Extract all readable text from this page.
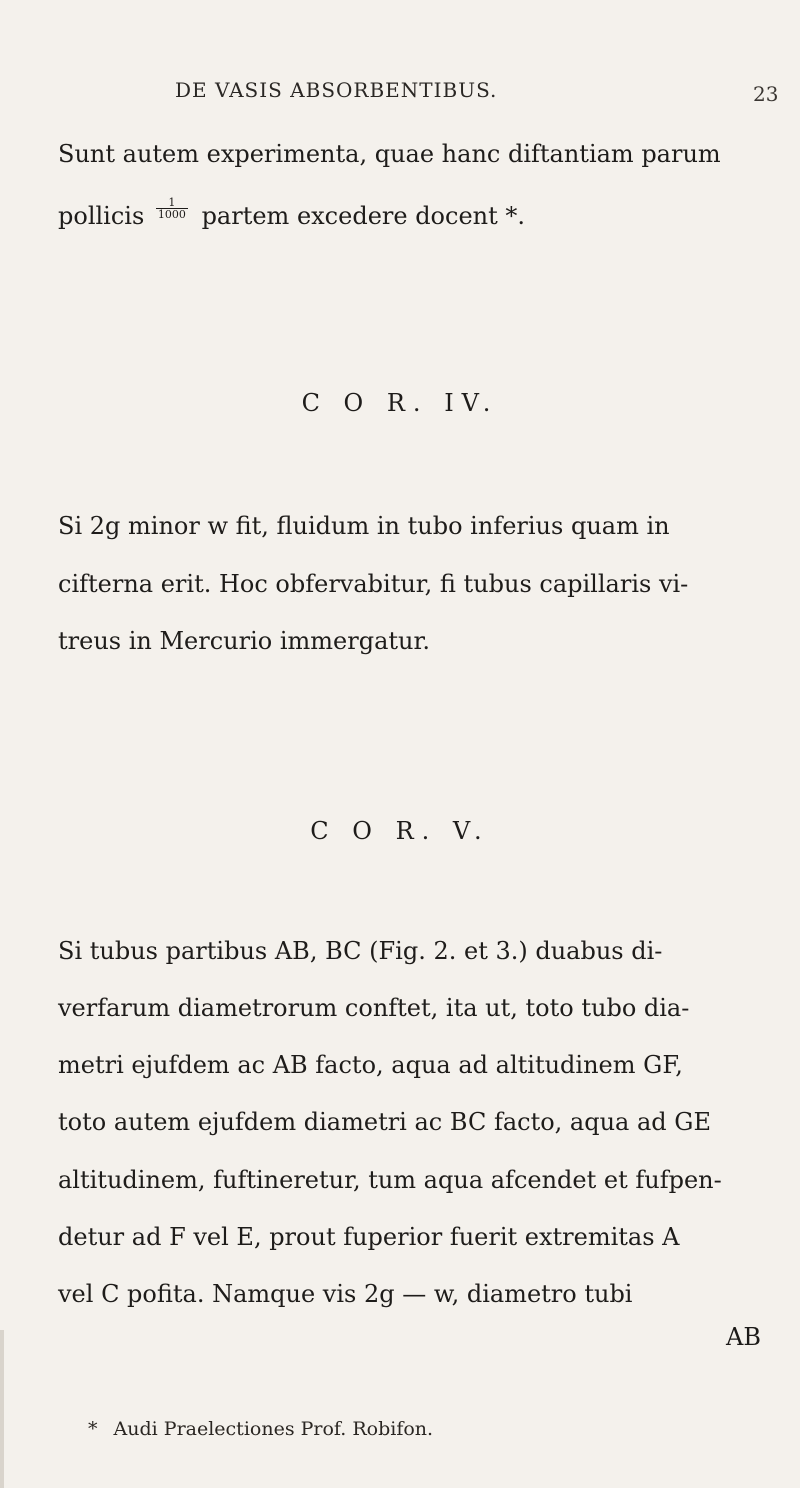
DE VASIS ABSORBENTIBUS.	23
Sunt autem experimenta, quae hanc diftantiam parum
pollicis $\frac{1}{1000}$ partem excedere docent *.
C O R. IV.
Si 2g minor w fit, fluidum in tubo inferius quam in
cifterna erit. Hoc obfervabitur, fi tubus capillaris vi-
treus in Mercurio immergatur.
C O R. V.
Si tubus partibus AB, BC (Fig. 2. et 3.) duabus di-
verfarum diametrorum conftet, ita ut, toto tubo dia-
metri ejufdem ac AB facto, aqua ad altitudinem GF,
toto autem ejufdem diametri ac BC facto, aqua ad GE
altitudinem, fuftineretur, tum aqua afcendet et fufpen-
detur ad F vel E, prout fuperior fuerit extremitas A
vel C pofita. Namque vis 2g — w, diametro tubi
AB
* Audi Praelectiones Prof. Robifon.
